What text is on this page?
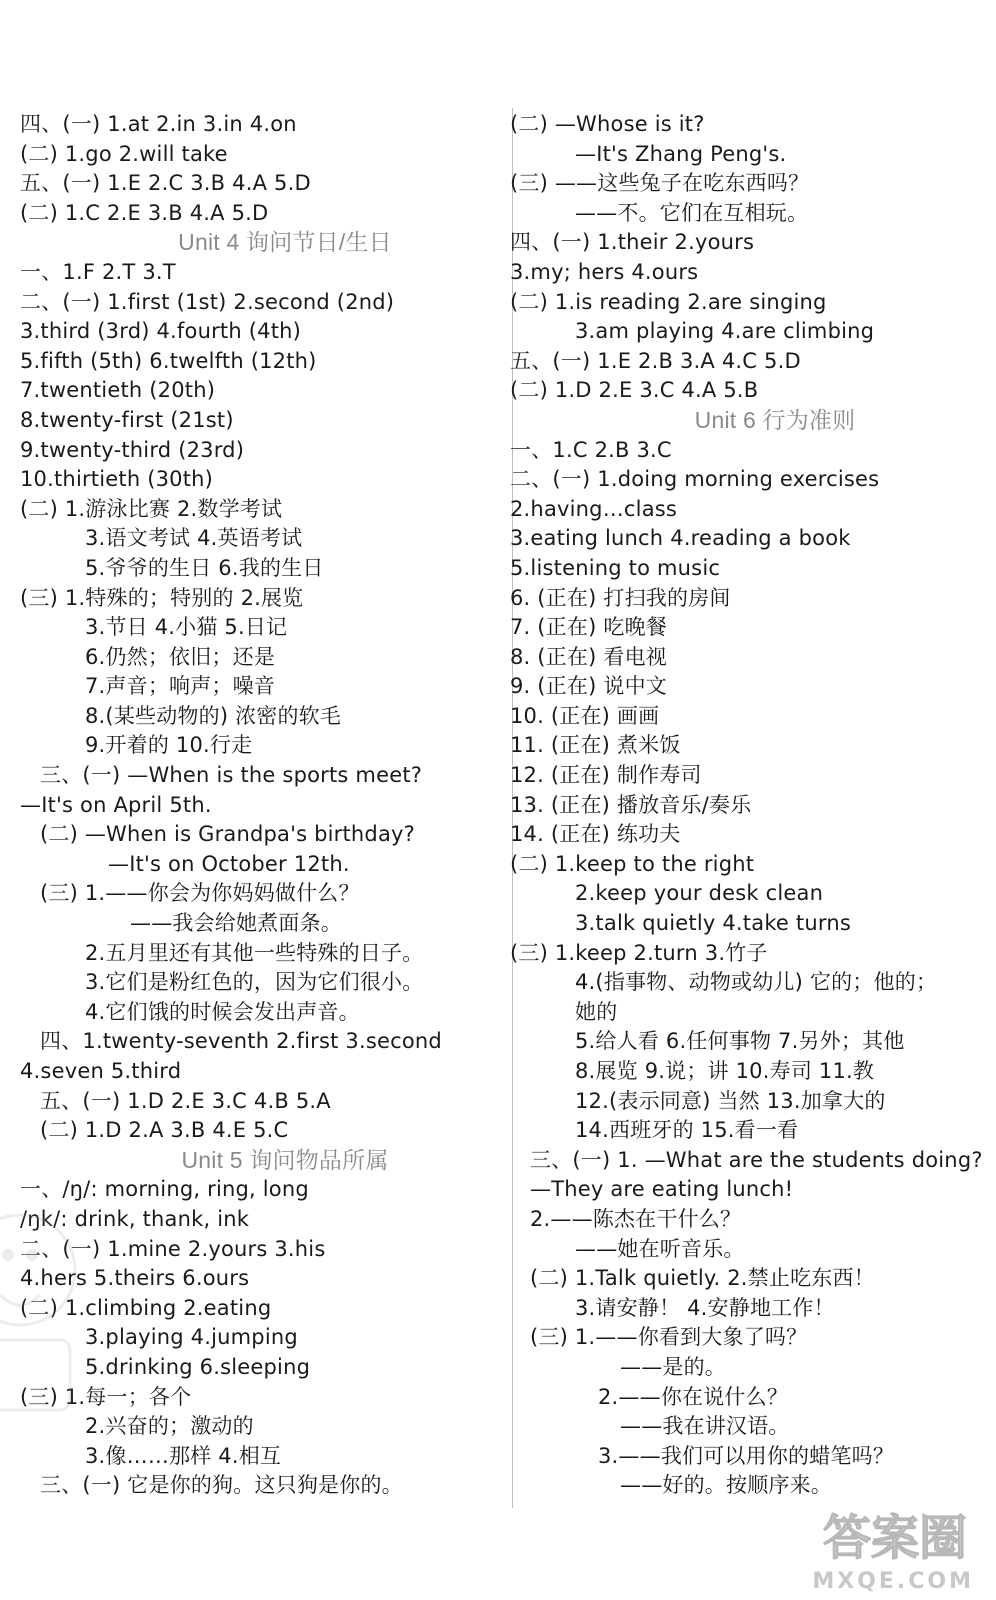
四、(一) 1.at 2.in 3.in 4.on
(二) 1.go 2.will take
五、(一) 1.E 2.C 3.B 4.A 5.D
(二) 1.C 2.E 3.B 4.A 5.D
Unit 4 询问节日/生日
一、1.F 2.T 3.T
二、(一) 1.first (1st) 2.second (2nd)
3.third (3rd) 4.fourth (4th)
5.fifth (5th) 6.twelfth (12th)
7.twentieth (20th)
8.twenty-first (21st)
9.twenty-third (23rd)
10.thirtieth (30th)
(二) 1.游泳比赛 2.数学考试
3.语文考试 4.英语考试
5.爷爷的生日 6.我的生日
(三) 1.特殊的；特别的 2.展览
3.节日 4.小猫 5.日记
6.仍然；依旧；还是
7.声音；响声；噪音
8.(某些动物的) 浓密的软毛
9.开着的 10.行走
三、(一) —When is the sports meet?
—It's on April 5th.
(二) —When is Grandpa's birthday?
—It's on October 12th.
(三) 1.——你会为你妈妈做什么？
——我会给她煮面条。
2.五月里还有其他一些特殊的日子。
3.它们是粉红色的，因为它们很小。
4.它们饿的时候会发出声音。
四、1.twenty-seventh 2.first 3.second
4.seven 5.third
五、(一) 1.D 2.E 3.C 4.B 5.A
(二) 1.D 2.A 3.B 4.E 5.C
Unit 5 询问物品所属
一、/ŋ/: morning, ring, long
/ŋk/: drink, thank, ink
二、(一) 1.mine 2.yours 3.his
4.hers 5.theirs 6.ours
(二) 1.climbing 2.eating
3.playing 4.jumping
5.drinking 6.sleeping
(三) 1.每一；各个
2.兴奋的；激动的
3.像……那样 4.相互
三、(一) 它是你的狗。这只狗是你的。
(二) —Whose is it?
—It's Zhang Peng's.
(三) ——这些兔子在吃东西吗？
——不。它们在互相玩。
四、(一) 1.their 2.yours
3.my; hers 4.ours
(二) 1.is reading 2.are singing
3.am playing 4.are climbing
五、(一) 1.E 2.B 3.A 4.C 5.D
(二) 1.D 2.E 3.C 4.A 5.B
Unit 6 行为准则
一、1.C 2.B 3.C
二、(一) 1.doing morning exercises
2.having…class
3.eating lunch 4.reading a book
5.listening to music
6. (正在) 打扫我的房间
7. (正在) 吃晚餐
8. (正在) 看电视
9. (正在) 说中文
10. (正在) 画画
11. (正在) 煮米饭
12. (正在) 制作寿司
13. (正在) 播放音乐/奏乐
14. (正在) 练功夫
(二) 1.keep to the right
2.keep your desk clean
3.talk quietly 4.take turns
(三) 1.keep 2.turn 3.竹子
4.(指事物、动物或幼儿) 它的；他的；
她的
5.给人看 6.任何事物 7.另外；其他
8.展览 9.说；讲 10.寿司 11.教
12.(表示同意) 当然 13.加拿大的
14.西班牙的 15.看一看
三、(一) 1. —What are the students doing?
—They are eating lunch!
2.——陈杰在干什么？
——她在听音乐。
(二) 1.Talk quietly. 2.禁止吃东西！
3.请安静！ 4.安静地工作！
(三) 1.——你看到大象了吗？
——是的。
2.——你在说什么？
——我在讲汉语。
3.——我们可以用你的蜡笔吗？
——好的。按顺序来。
答案圈
MXQE.COM
